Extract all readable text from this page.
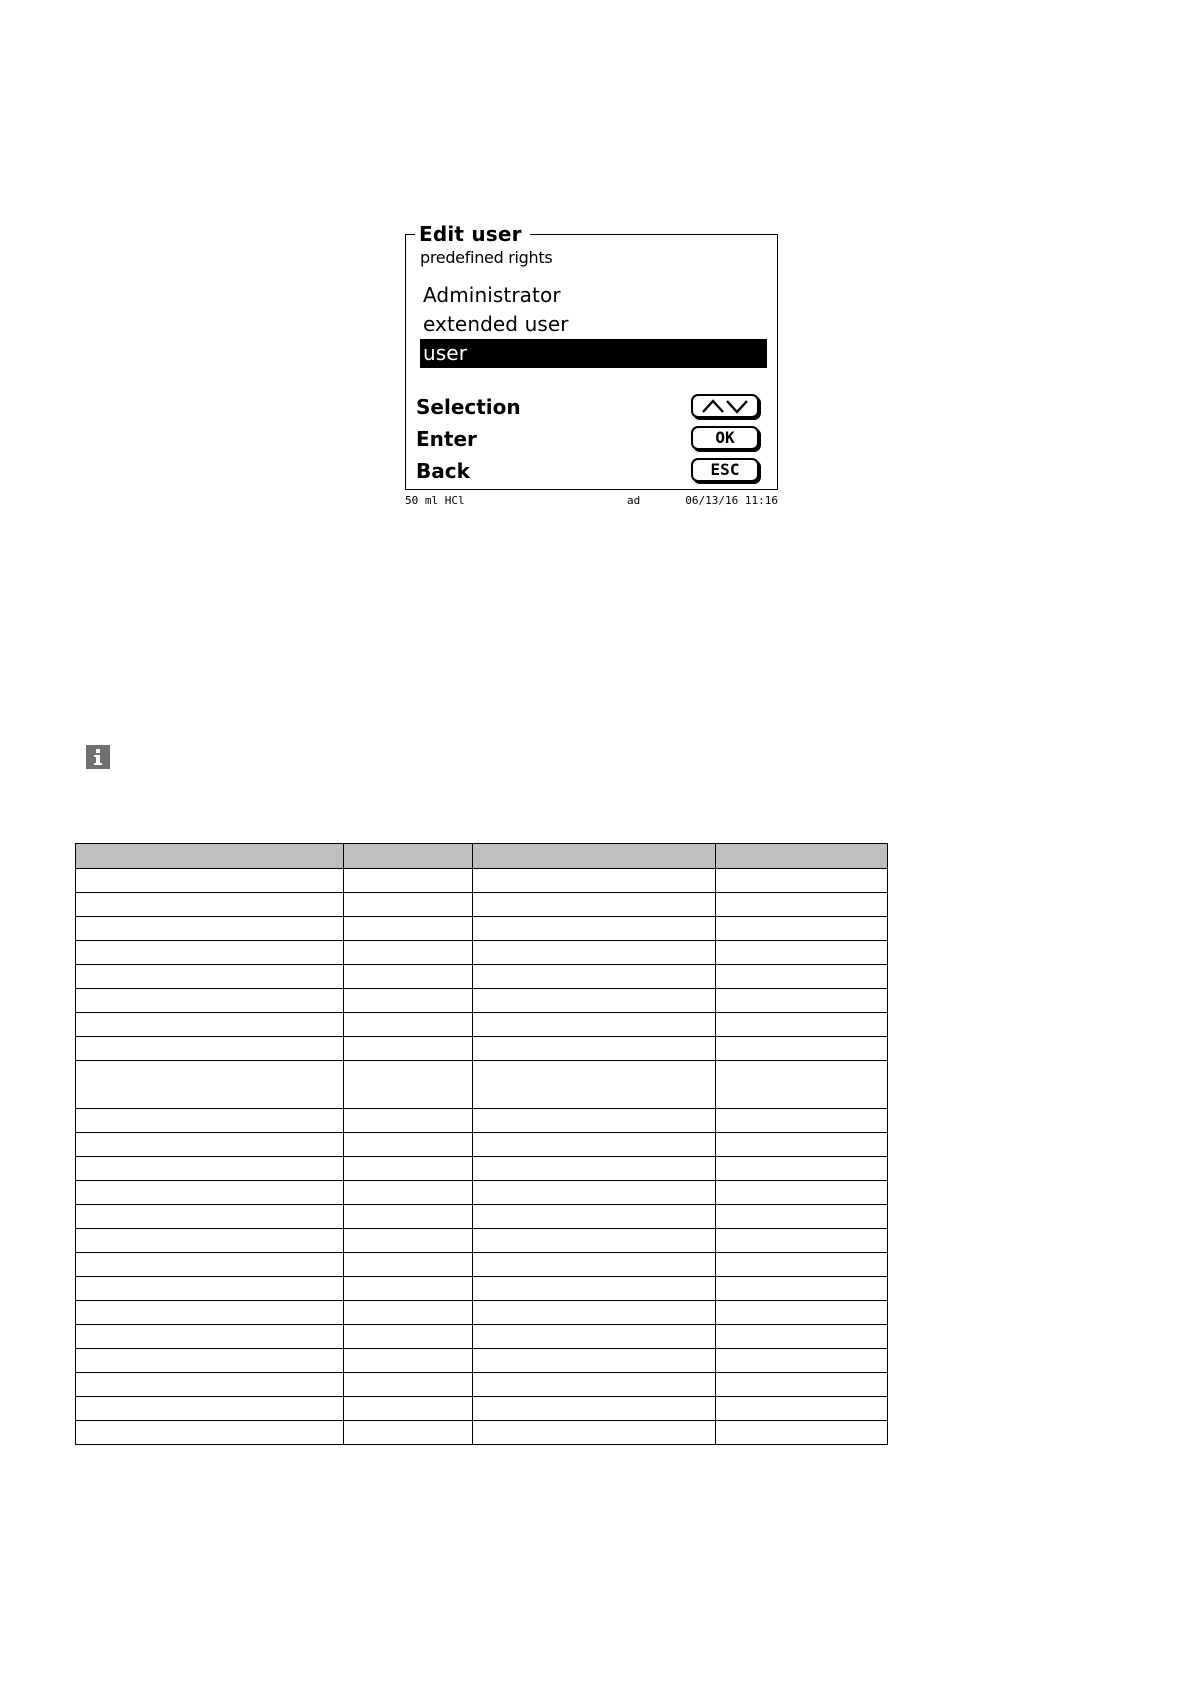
Edit user
predefined rights
Administrator
extended user
user
Selection
Enter	OK
Back	ESC
50 ml HCl	ad	06/13/16 11:16
